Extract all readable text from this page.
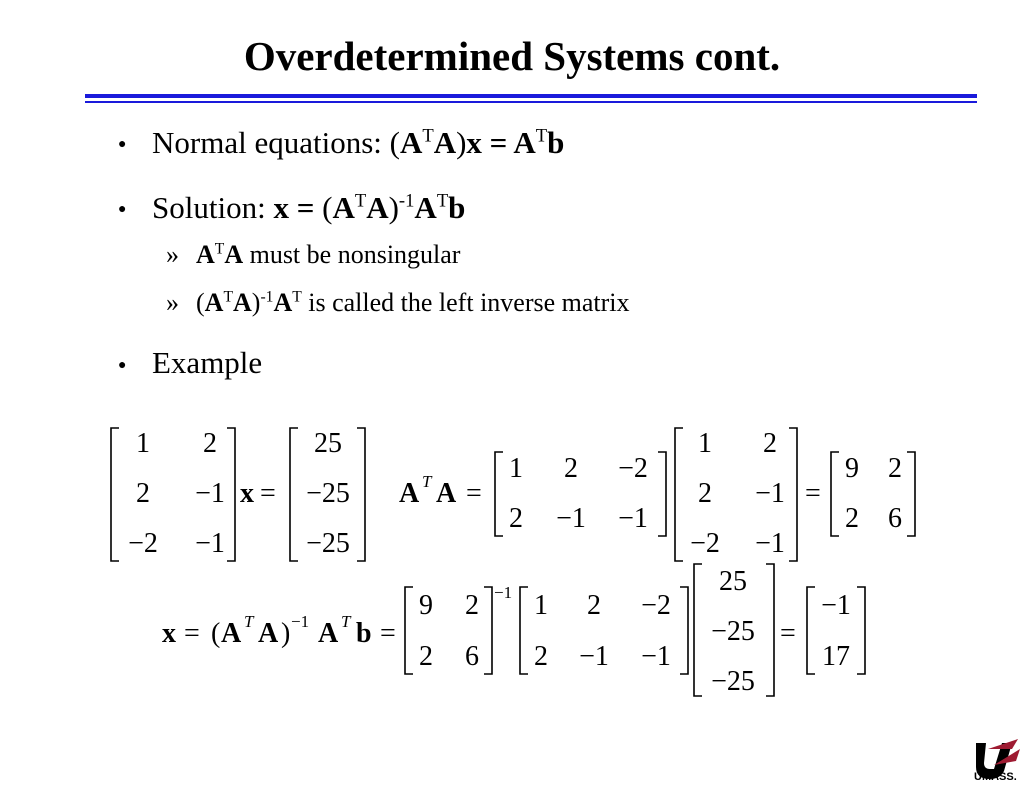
Overdetermined Systems cont.
● Normal equations: $(A^TA)x = A^Tb$
● Solution: $x = (A^TA)^{-1}A^Tb$
» $A^TA$ must be nonsingular
» $(A^TA)^{-1}A^T$ is called the left inverse matrix
● Example
1 2
2 −1
−2 −1
x =
25
−25
−25
A T A =
1 2 −2
2 −1 −1
1 2
2 −1
−2 −1
=
9 2
2 6
x = ( A T A ) −1 A T b =
9 2
2 6
−1 1 2 −2
2 −1 −1
25
−25
−25
=
−1
17
UMASS.
